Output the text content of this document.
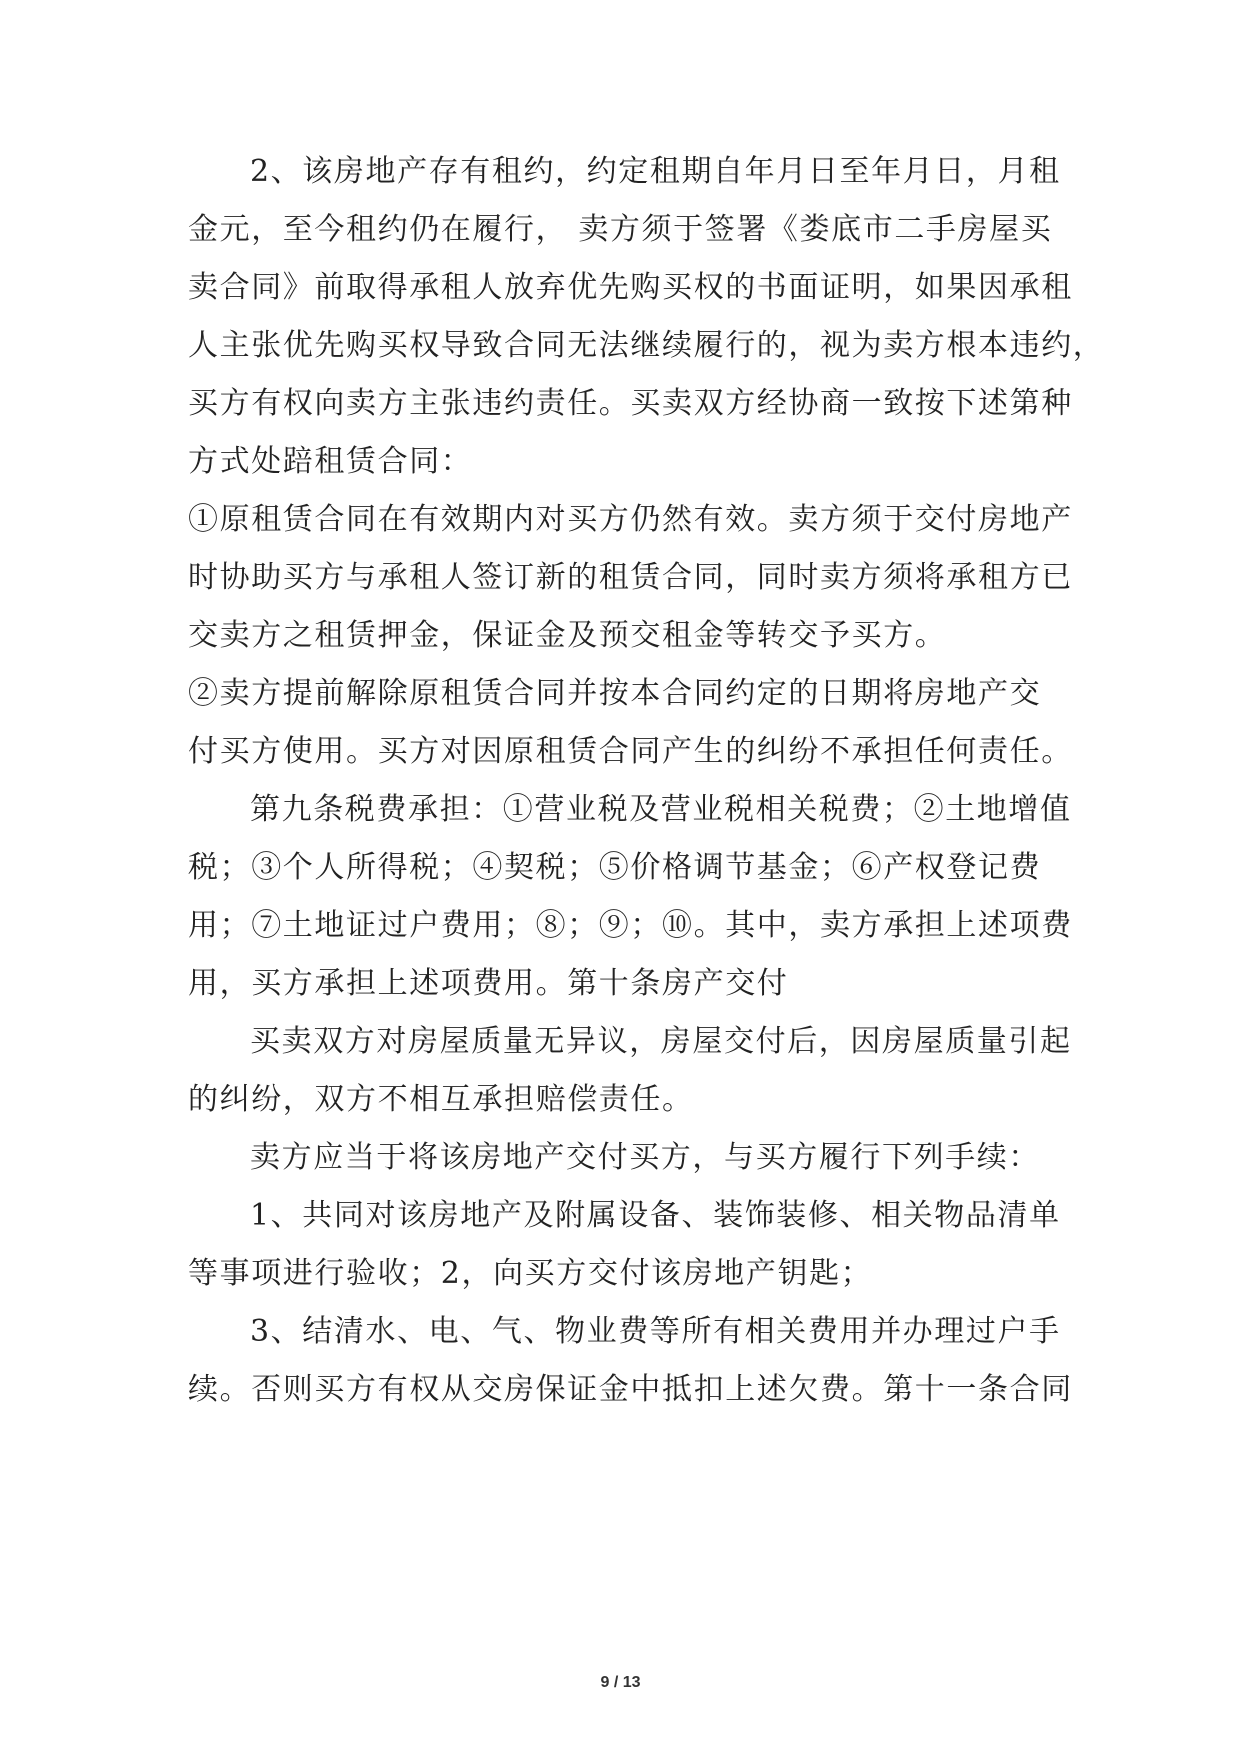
2、该房地产存有租约，约定租期自年月日至年月日，月租
金元，至今租约仍在履行， 卖方须于签署《娄底市二手房屋买
卖合同》前取得承租人放弃优先购买权的书面证明，如果因承租
人主张优先购买权导致合同无法继续履行的，视为卖方根本违约，
买方有权向卖方主张违约责任。买卖双方经协商一致按下述第种
方式处踣租赁合同：
①原租赁合同在有效期内对买方仍然有效。卖方须于交付房地产
时协助买方与承租人签订新的租赁合同，同时卖方须将承租方已
交卖方之租赁押金，保证金及预交租金等转交予买方。
②卖方提前解除原租赁合同并按本合同约定的日期将房地产交
付买方使用。买方对因原租赁合同产生的纠纷不承担任何责任。
第九条税费承担：①营业税及营业税相关税费；②土地增值
税；③个人所得税；④契税；⑤价格调节基金；⑥产权登记费
用；⑦土地证过户费用；⑧；⑨；⑩。其中，卖方承担上述项费
用，买方承担上述项费用。第十条房产交付
买卖双方对房屋质量无异议，房屋交付后，因房屋质量引起
的纠纷，双方不相互承担赔偿责任。
卖方应当于将该房地产交付买方，与买方履行下列手续：
1、共同对该房地产及附属设备、装饰装修、相关物品清单
等事项进行验收；2，向买方交付该房地产钥匙；
3、结清水、电、气、物业费等所有相关费用并办理过户手
续。否则买方有权从交房保证金中抵扣上述欠费。第十一条合同
9 / 13
